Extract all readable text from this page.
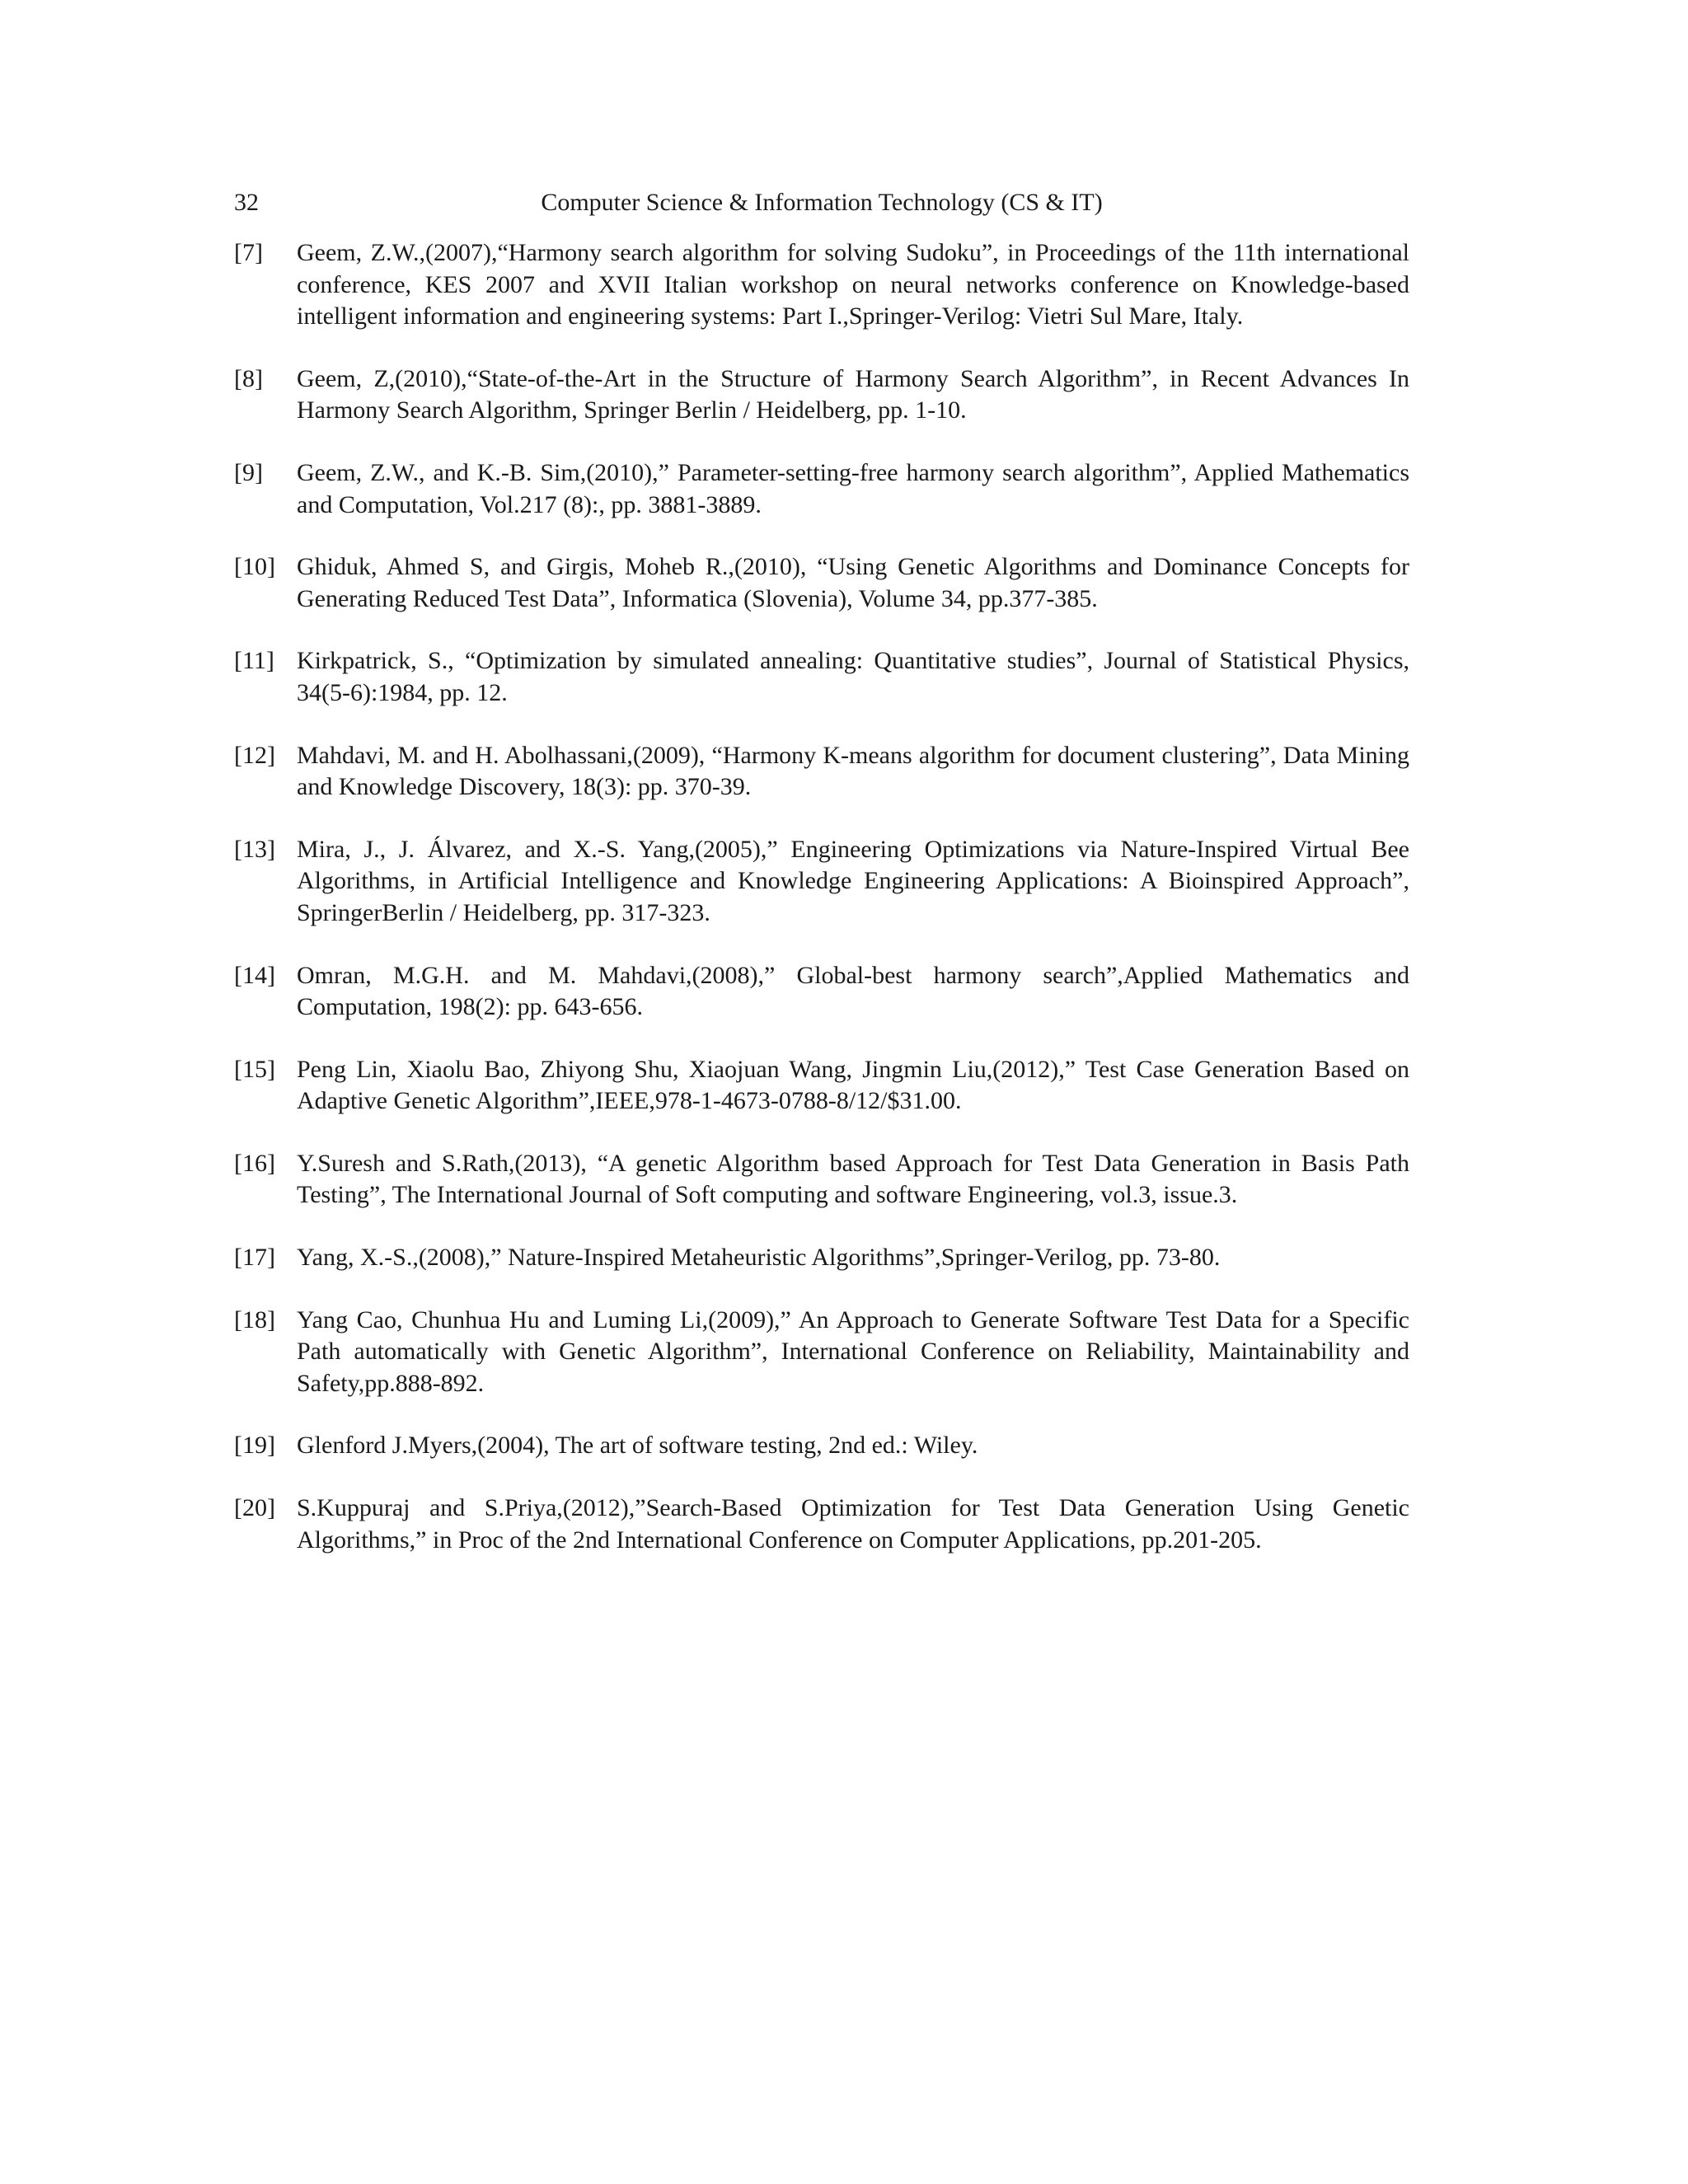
32	Computer Science & Information Technology (CS & IT)
[7]	Geem, Z.W.,(2007),“Harmony search algorithm for solving Sudoku”, in Proceedings of the 11th international conference, KES 2007 and XVII Italian workshop on neural networks conference on Knowledge-based intelligent information and engineering systems: Part I.,Springer-Verilog: Vietri Sul Mare, Italy.
[8]	Geem, Z,(2010),“State-of-the-Art in the Structure of Harmony Search Algorithm”, in Recent Advances In Harmony Search Algorithm, Springer Berlin / Heidelberg, pp. 1-10.
[9]	Geem, Z.W., and K.-B. Sim,(2010),” Parameter-setting-free harmony search algorithm”, Applied Mathematics and Computation, Vol.217 (8):, pp. 3881-3889.
[10] Ghiduk, Ahmed S, and Girgis, Moheb R.,(2010), “Using Genetic Algorithms and Dominance Concepts for Generating Reduced Test Data”, Informatica (Slovenia), Volume 34, pp.377-385.
[11] Kirkpatrick, S., “Optimization by simulated annealing: Quantitative studies”, Journal of Statistical Physics, 34(5-6):1984, pp. 12.
[12] Mahdavi, M. and H. Abolhassani,(2009), “Harmony K-means algorithm for document clustering”, Data Mining and Knowledge Discovery, 18(3): pp. 370-39.
[13] Mira, J., J. Álvarez, and X.-S. Yang,(2005),” Engineering Optimizations via Nature-Inspired Virtual Bee Algorithms, in Artificial Intelligence and Knowledge Engineering Applications: A Bioinspired Approach”, SpringerBerlin / Heidelberg, pp. 317-323.
[14] Omran, M.G.H. and M. Mahdavi,(2008),” Global-best harmony search”,Applied Mathematics and Computation, 198(2): pp. 643-656.
[15] Peng Lin, Xiaolu Bao, Zhiyong Shu, Xiaojuan Wang, Jingmin Liu,(2012),” Test Case Generation Based on Adaptive Genetic Algorithm”,IEEE,978-1-4673-0788-8/12/$31.00.
[16] Y.Suresh and S.Rath,(2013), “A genetic Algorithm based Approach for Test Data Generation in Basis Path Testing”, The International Journal of Soft computing and software Engineering, vol.3, issue.3.
[17] Yang, X.-S.,(2008),” Nature-Inspired Metaheuristic Algorithms”,Springer-Verilog, pp. 73-80.
[18] Yang Cao, Chunhua Hu and Luming Li,(2009),” An Approach to Generate Software Test Data for a Specific Path automatically with Genetic Algorithm”, International Conference on Reliability, Maintainability and Safety,pp.888-892.
[19] Glenford J.Myers,(2004), The art of software testing, 2nd ed.: Wiley.
[20] S.Kuppuraj and S.Priya,(2012),”Search-Based Optimization for Test Data Generation Using Genetic Algorithms,” in Proc of the 2nd International Conference on Computer Applications, pp.201-205.
